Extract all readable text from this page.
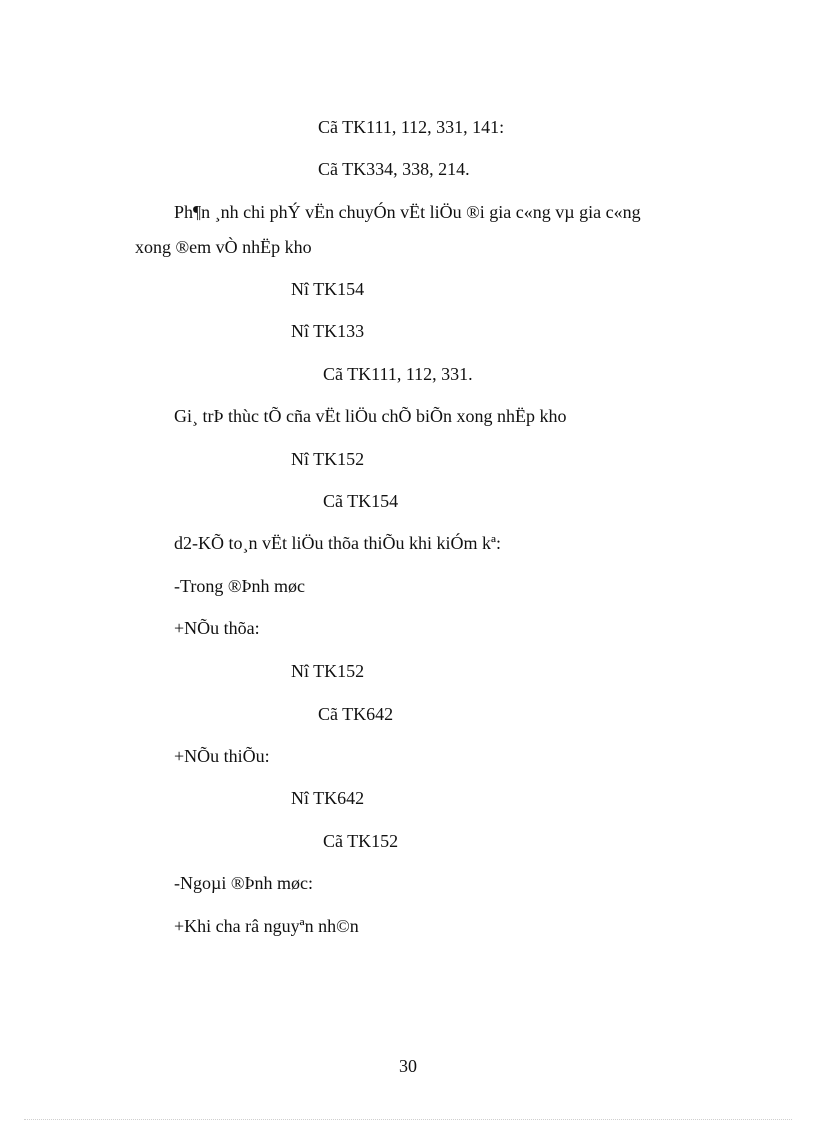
Cã TK111, 112, 331, 141:
Cã TK334, 338, 214.
Ph¶n ¸nh chi phÝ vËn chuyÓn vËt liÖu ®i gia c«ng vµ gia c«ng
xong ®em vÒ nhËp kho
Nî TK154
Nî TK133
Cã TK111, 112, 331.
Gi¸ trÞ thùc tÕ cña vËt liÖu chÕ biÕn xong nhËp kho
Nî TK152
Cã TK154
d2-KÕ to¸n vËt liÖu thõa thiÕu khi kiÓm kª:
-Trong ®Þnh møc
+NÕu thõa:
Nî TK152
Cã TK642
+NÕu thiÕu:
Nî TK642
Cã TK152
-Ngoµi ®Þnh møc:
+Khi cha râ nguyªn nh©n
30
